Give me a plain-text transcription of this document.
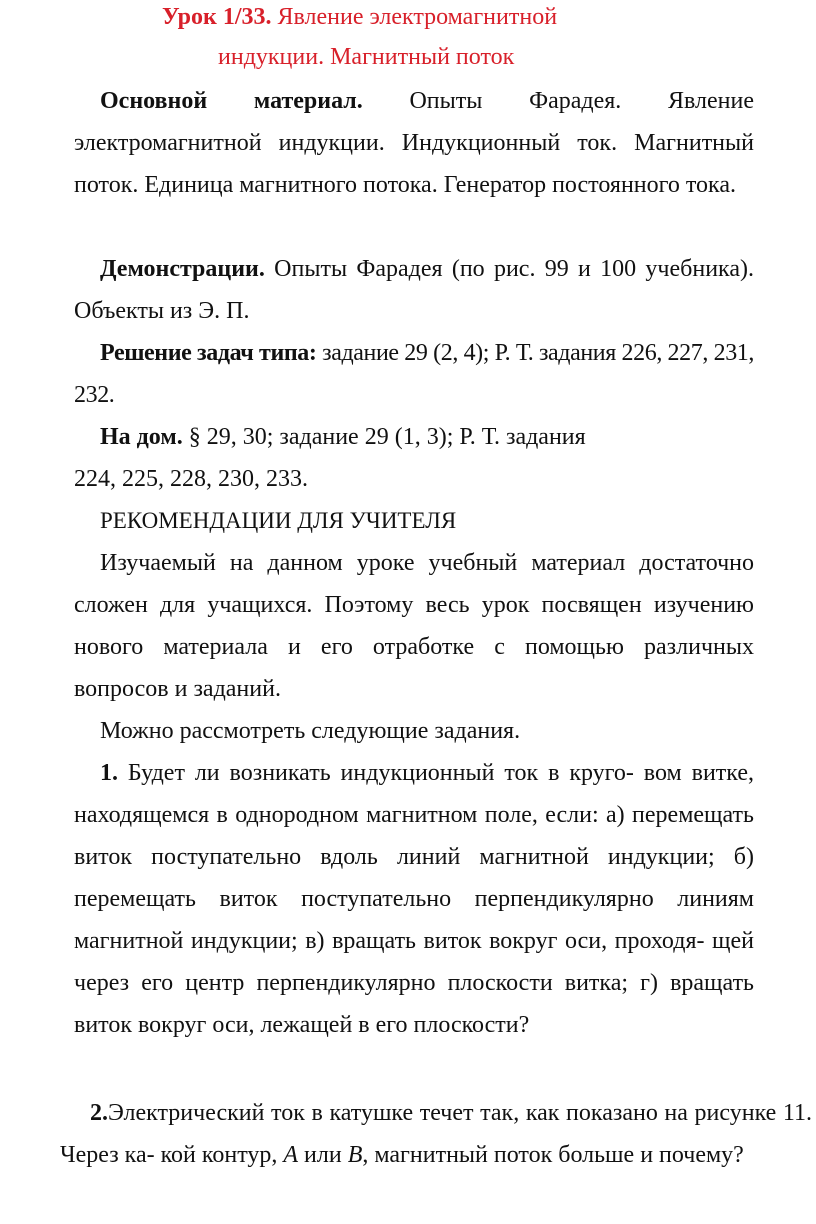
Урок 1/33. Явление электромагнитной
индукции. Магнитный поток
Основной материал. Опыты Фарадея. Явление электромагнитной индукции. Индукционный ток. Магнитный поток. Единица магнитного потока. Генератор постоянного тока.
Демонстрации. Опыты Фарадея (по рис. 99 и 100 учебника). Объекты из Э. П.
Решение задач типа: задание 29 (2, 4); Р. Т. задания 226, 227, 231, 232.
На дом. § 29, 30; задание 29 (1, 3); Р. Т. задания
224, 225, 228, 230, 233.
РЕКОМЕНДАЦИИ ДЛЯ УЧИТЕЛЯ
Изучаемый на данном уроке учебный материал достаточно сложен для учащихся. Поэтому весь урок посвящен изучению нового материала и его отработке с помощью различных вопросов и заданий.
Можно рассмотреть следующие задания.
1. Будет ли возникать индукционный ток в круго- вом витке, находящемся в однородном магнитном поле, если: а) перемещать виток поступательно вдоль линий магнитной индукции; б) перемещать виток поступательно перпендикулярно линиям магнитной индукции; в) вращать виток вокруг оси, проходя- щей через его центр перпендикулярно плоскости витка; г) вращать виток вокруг оси, лежащей в его плоскости?
2.Электрический ток в катушке течет так, как показано на рисунке 11. Через ка- кой контур, А или В, магнитный поток больше и почему?
